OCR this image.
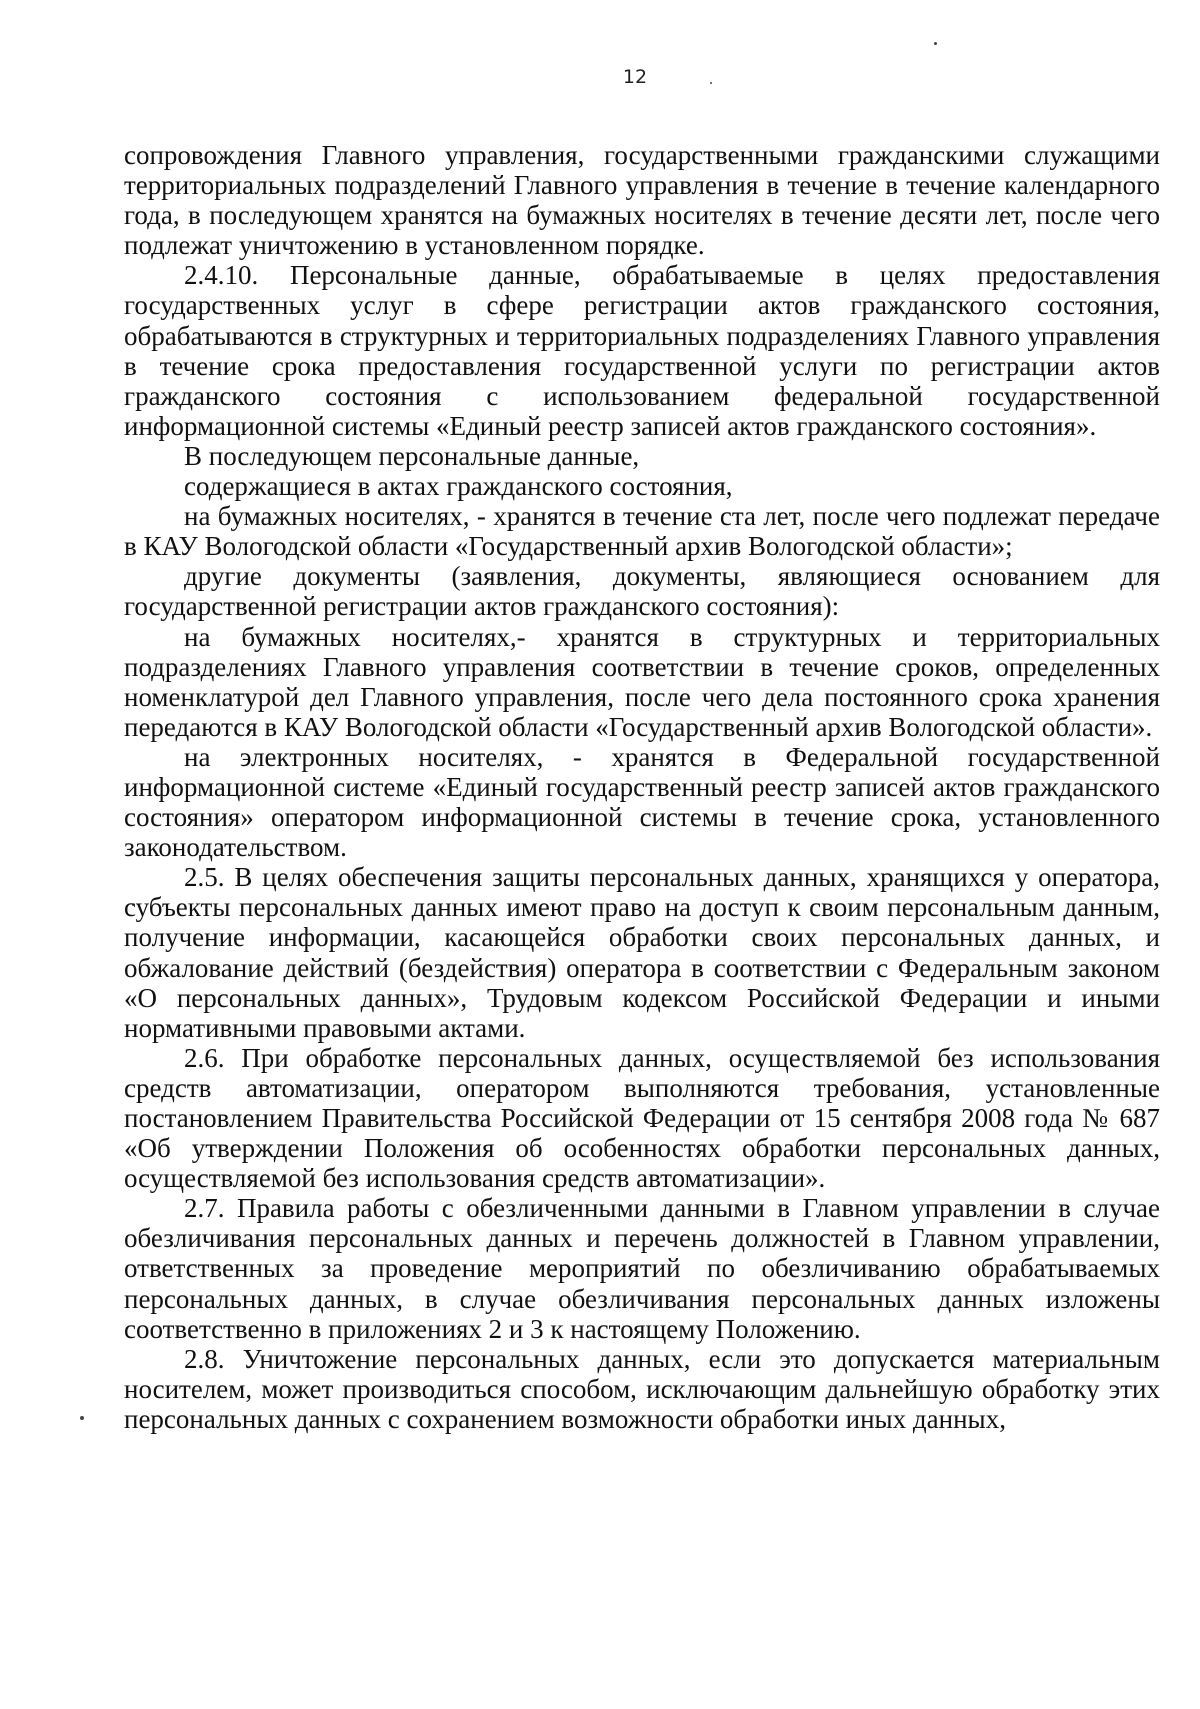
12

сопровождения Главного управления, государственными гражданскими служащими территориальных подразделений Главного управления в течение в течение календарного года, в последующем хранятся на бумажных носителях в течение десяти лет, после чего подлежат уничтожению в установленном порядке.

2.4.10. Персональные данные, обрабатываемые в целях предоставления государственных услуг в сфере регистрации актов гражданского состояния, обрабатываются в структурных и территориальных подразделениях Главного управления в течение срока предоставления государственной услуги по регистрации актов гражданского состояния с использованием федеральной государственной информационной системы «Единый реестр записей актов гражданского состояния».

В последующем персональные данные,

содержащиеся в актах гражданского состояния,

на бумажных носителях, - хранятся в течение ста лет, после чего подлежат передаче в КАУ Вологодской области «Государственный архив Вологодской области»;

другие документы (заявления, документы, являющиеся основанием для государственной регистрации актов гражданского состояния):

на бумажных носителях,- хранятся в структурных и территориальных подразделениях Главного управления соответствии в течение сроков, определенных номенклатурой дел Главного управления, после чего дела постоянного срока хранения передаются в КАУ Вологодской области «Государственный архив Вологодской области».

на электронных носителях, - хранятся в Федеральной государственной информационной системе «Единый государственный реестр записей актов гражданского состояния» оператором информационной системы в течение срока, установленного законодательством.

2.5. В целях обеспечения защиты персональных данных, хранящихся у оператора, субъекты персональных данных имеют право на доступ к своим персональным данным, получение информации, касающейся обработки своих персональных данных, и обжалование действий (бездействия) оператора в соответствии с Федеральным законом «О персональных данных», Трудовым кодексом Российской Федерации и иными нормативными правовыми актами.

2.6. При обработке персональных данных, осуществляемой без использования средств автоматизации, оператором выполняются требования, установленные постановлением Правительства Российской Федерации от 15 сентября 2008 года № 687 «Об утверждении Положения об особенностях обработки персональных данных, осуществляемой без использования средств автоматизации».

2.7. Правила работы с обезличенными данными в Главном управлении в случае обезличивания персональных данных и перечень должностей в Главном управлении, ответственных за проведение мероприятий по обезличиванию обрабатываемых персональных данных, в случае обезличивания персональных данных изложены соответственно в приложениях 2 и 3 к настоящему Положению.

2.8. Уничтожение персональных данных, если это допускается материальным носителем, может производиться способом, исключающим дальнейшую обработку этих персональных данных с сохранением возможности обработки иных данных,
